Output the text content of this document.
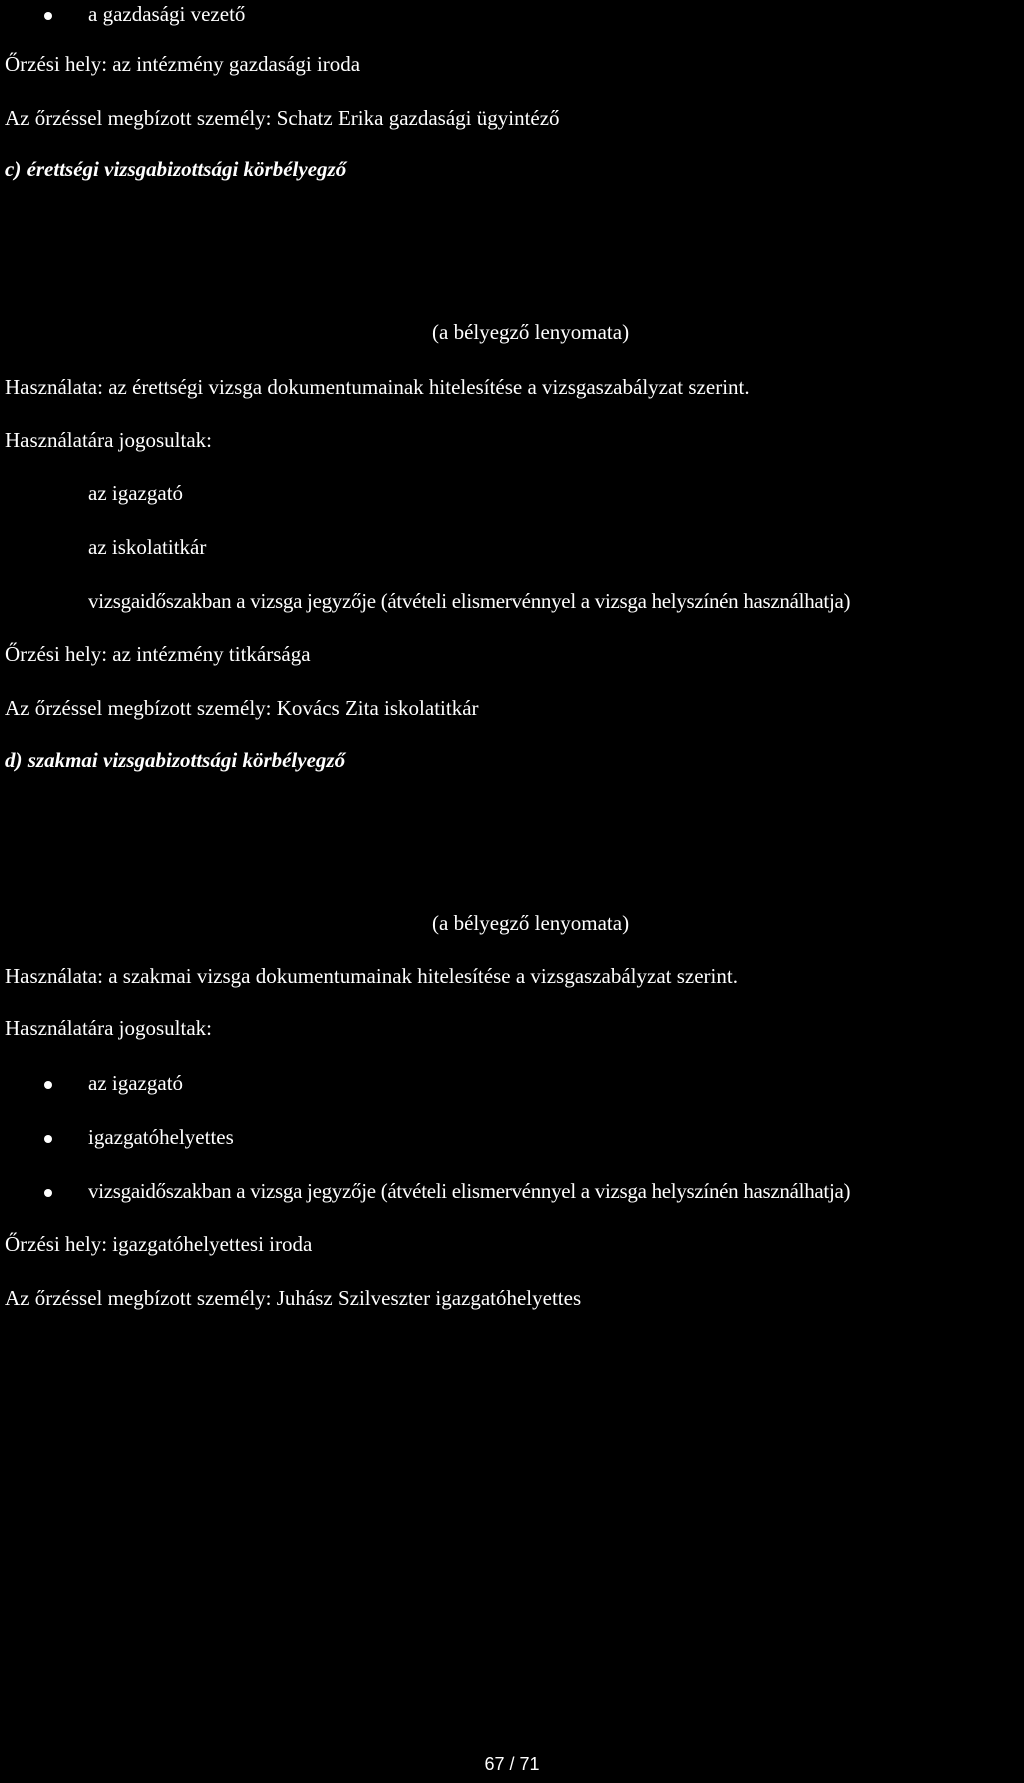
a gazdasági vezető
Őrzési hely: az intézmény gazdasági iroda
Az őrzéssel megbízott személy: Schatz Erika gazdasági ügyintéző
c) érettségi vizsgabizottsági körbélyegző
(a bélyegző lenyomata)
Használata: az érettségi vizsga dokumentumainak hitelesítése a vizsgaszabályzat szerint.
Használatára jogosultak:
az igazgató
az iskolatitkár
vizsgaidőszakban a vizsga jegyzője (átvételi elismervénnyel a vizsga helyszínén használhatja)
Őrzési hely: az intézmény titkársága
Az őrzéssel megbízott személy: Kovács Zita iskolatitkár
d) szakmai vizsgabizottsági körbélyegző
(a bélyegző lenyomata)
Használata: a szakmai vizsga dokumentumainak hitelesítése a vizsgaszabályzat szerint.
Használatára jogosultak:
az igazgató
igazgatóhelyettes
vizsgaidőszakban a vizsga jegyzője (átvételi elismervénnyel a vizsga helyszínén használhatja)
Őrzési hely: igazgatóhelyettesi iroda
Az őrzéssel megbízott személy: Juhász Szilveszter igazgatóhelyettes
67 / 71
